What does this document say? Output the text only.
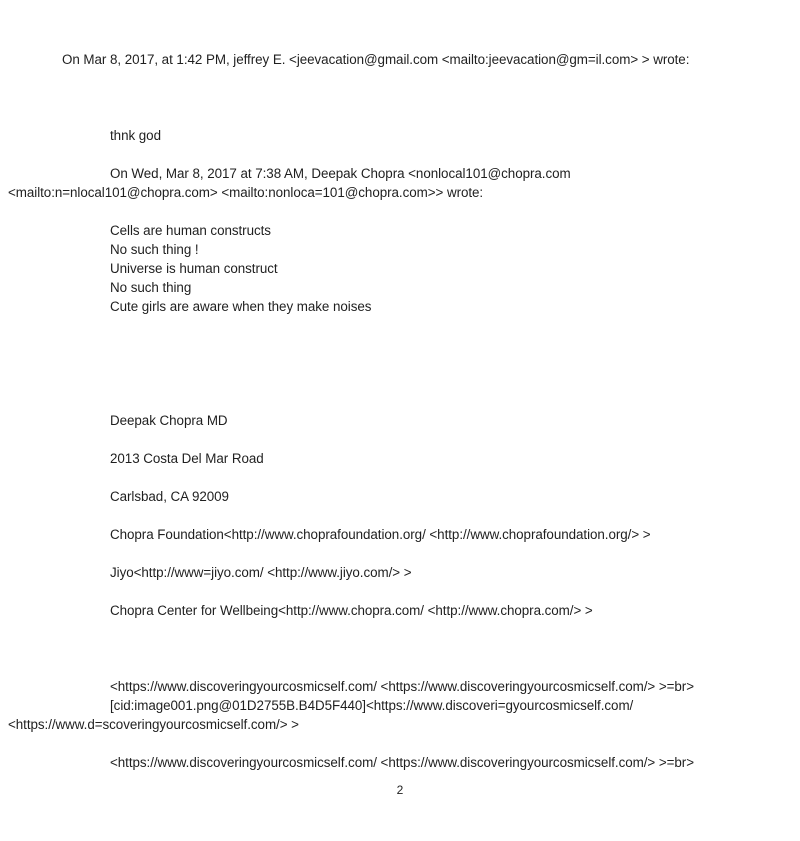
On Mar 8, 2017, at 1:42 PM, jeffrey E. <jeevacation@gmail.com <mailto:jeevacation@gm=il.com> > wrote:
thnk god
On Wed, Mar 8, 2017 at 7:38 AM, Deepak Chopra <nonlocal101@chopra.com
<mailto:n=nlocal101@chopra.com> <mailto:nonloca=101@chopra.com>> wrote:
Cells are human constructs
No such thing !
Universe is human construct
No such thing
Cute girls are aware when they make noises
Deepak Chopra MD
2013 Costa Del Mar Road
Carlsbad, CA 92009
Chopra Foundation<http://www.choprafoundation.org/ <http://www.choprafoundation.org/> >
Jiyo<http://www=jiyo.com/ <http://www.jiyo.com/> >
Chopra Center for Wellbeing<http://www.chopra.com/ <http://www.chopra.com/> >
<https://www.discoveringyourcosmicself.com/ <https://www.discoveringyourcosmicself.com/> >=br>
[cid:image001.png@01D2755B.B4D5F440]<https://www.discoveri=gyourcosmicself.com/
<https://www.d=scoveringyourcosmicself.com/> >
<https://www.discoveringyourcosmicself.com/ <https://www.discoveringyourcosmicself.com/> >=br>
2
